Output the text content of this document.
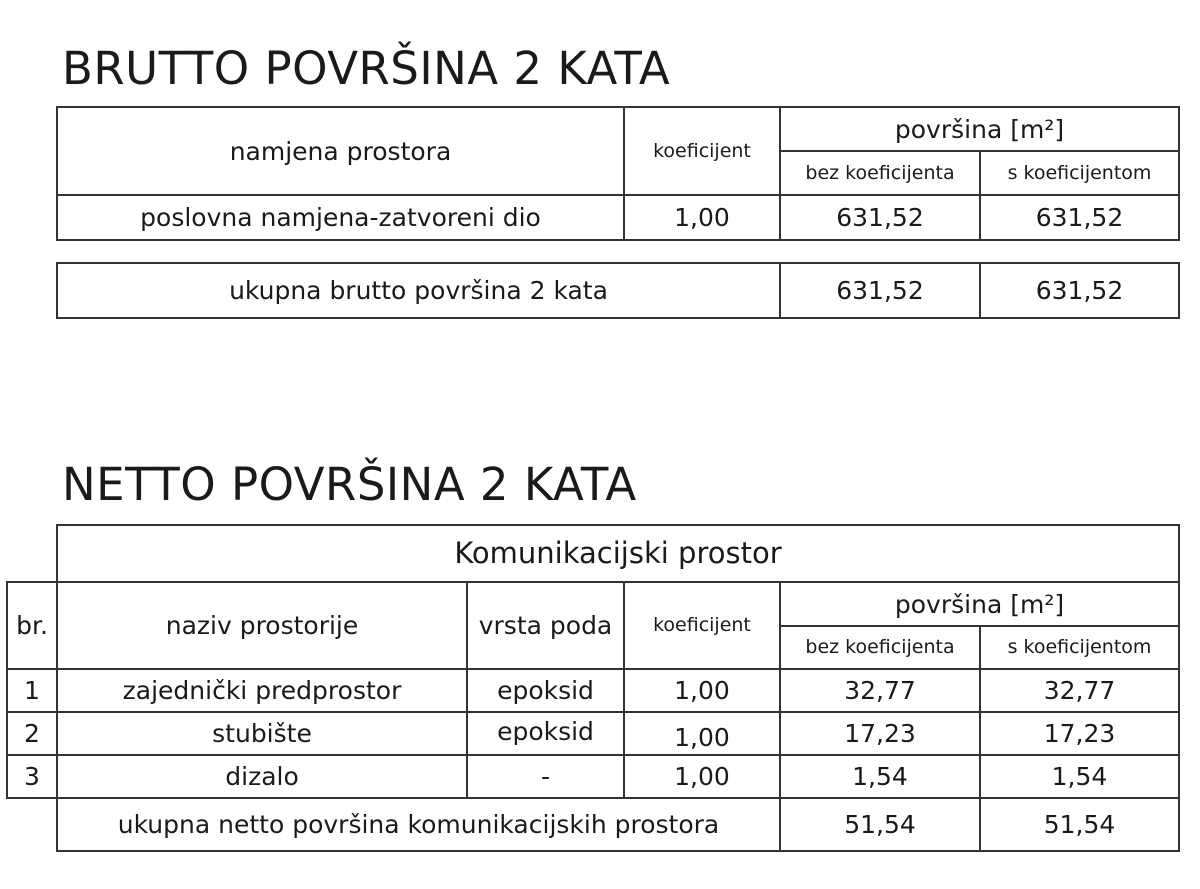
BRUTTO POVRŠINA 2 KATA
namjena prostora	koeficijent	površina [m²]	
		bez koeficijenta	s koeficijentom
poslovna namjena-zatvoreni dio	1,00	631,52	631,52
ukupna brutto površina 2 kata	631,52	631,52
NETTO POVRŠINA 2 KATA
	Komunikacijski prostor				
br.	naziv prostorije	vrsta poda	koeficijent	površina [m²]	
				bez koeficijenta	s koeficijentom
1	zajednički predprostor	epoksid	1,00	32,77	32,77
2	stubište	epoksid	1,00	17,23	17,23
3	dizalo	-	1,00	1,54	1,54
	ukupna netto površina komunikacijskih prostora			51,54	51,54
